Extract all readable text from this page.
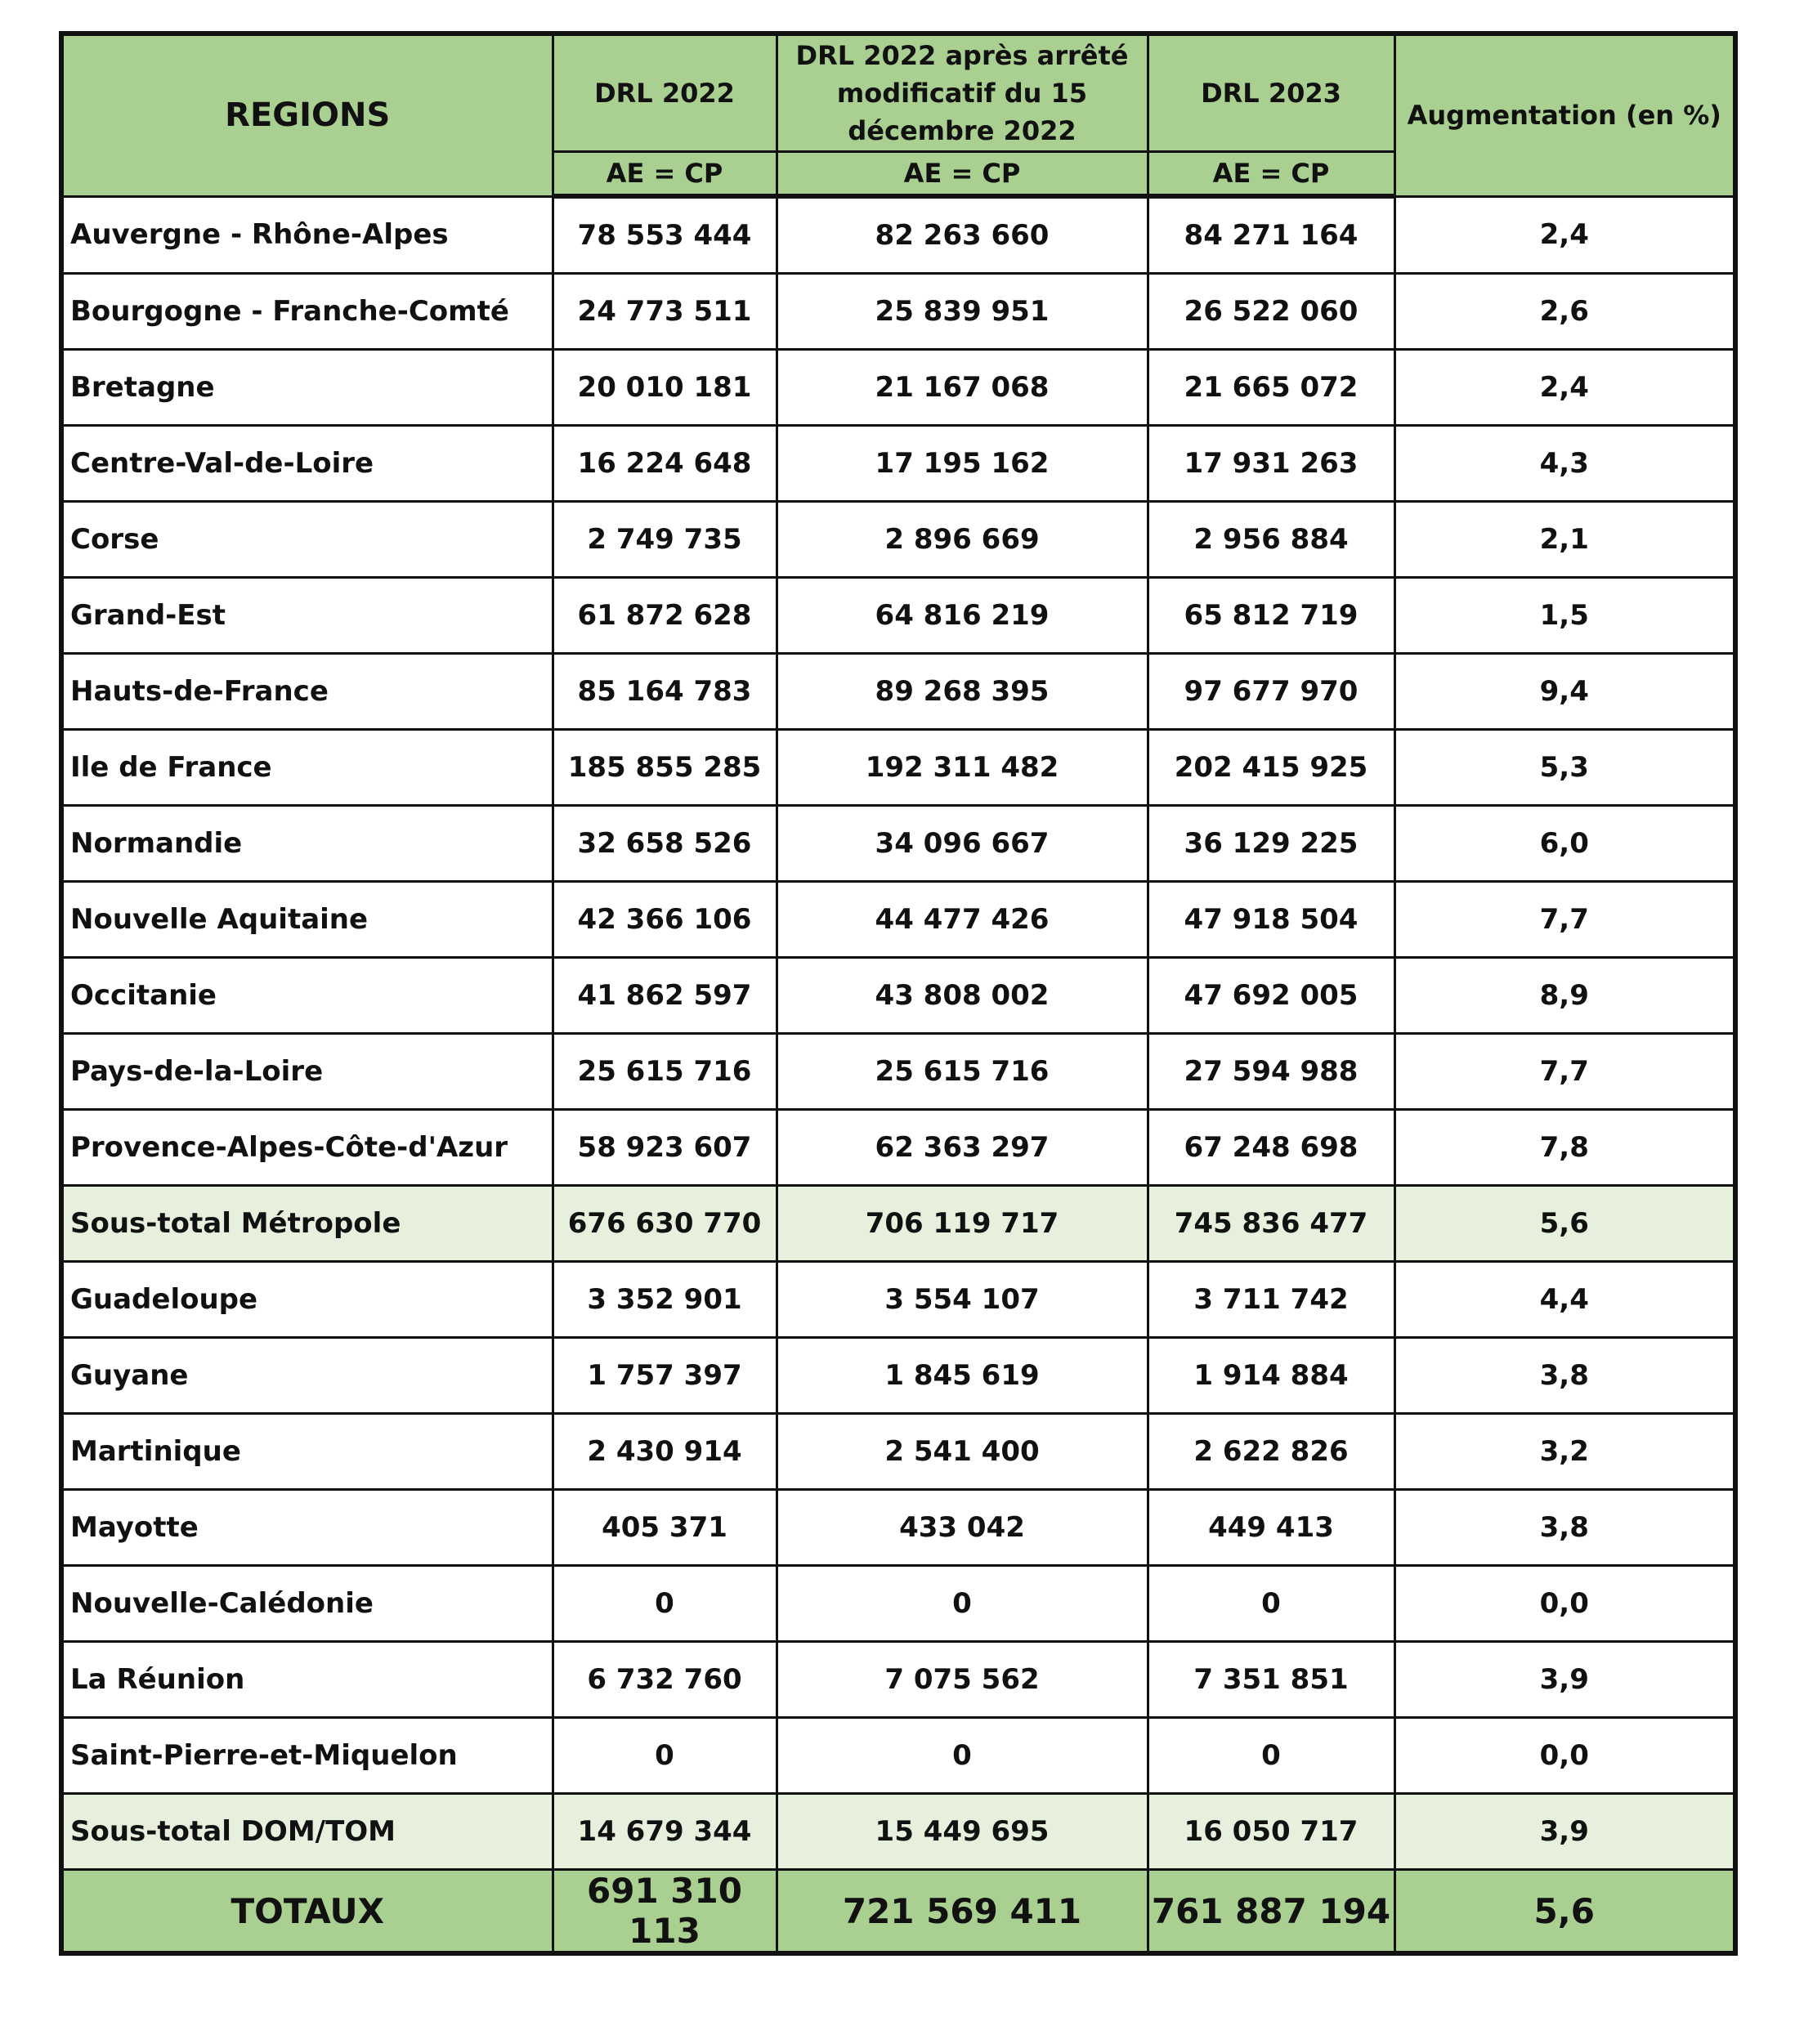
REGIONS	DRL 2022	DRL 2022 après arrêté modificatif du 15 décembre 2022	DRL 2023	Augmentation (en %)
	AE = CP	AE = CP	AE = CP	
Auvergne - Rhône-Alpes	78 553 444	82 263 660	84 271 164	2,4
Bourgogne - Franche-Comté	24 773 511	25 839 951	26 522 060	2,6
Bretagne	20 010 181	21 167 068	21 665 072	2,4
Centre-Val-de-Loire	16 224 648	17 195 162	17 931 263	4,3
Corse	2 749 735	2 896 669	2 956 884	2,1
Grand-Est	61 872 628	64 816 219	65 812 719	1,5
Hauts-de-France	85 164 783	89 268 395	97 677 970	9,4
Ile de France	185 855 285	192 311 482	202 415 925	5,3
Normandie	32 658 526	34 096 667	36 129 225	6,0
Nouvelle Aquitaine	42 366 106	44 477 426	47 918 504	7,7
Occitanie	41 862 597	43 808 002	47 692 005	8,9
Pays-de-la-Loire	25 615 716	25 615 716	27 594 988	7,7
Provence-Alpes-Côte-d'Azur	58 923 607	62 363 297	67 248 698	7,8
Sous-total Métropole	676 630 770	706 119 717	745 836 477	5,6
Guadeloupe	3 352 901	3 554 107	3 711 742	4,4
Guyane	1 757 397	1 845 619	1 914 884	3,8
Martinique	2 430 914	2 541 400	2 622 826	3,2
Mayotte	405 371	433 042	449 413	3,8
Nouvelle-Calédonie	0	0	0	0,0
La Réunion	6 732 760	7 075 562	7 351 851	3,9
Saint-Pierre-et-Miquelon	0	0	0	0,0
Sous-total DOM/TOM	14 679 344	15 449 695	16 050 717	3,9
TOTAUX	691 310 113	721 569 411	761 887 194	5,6
